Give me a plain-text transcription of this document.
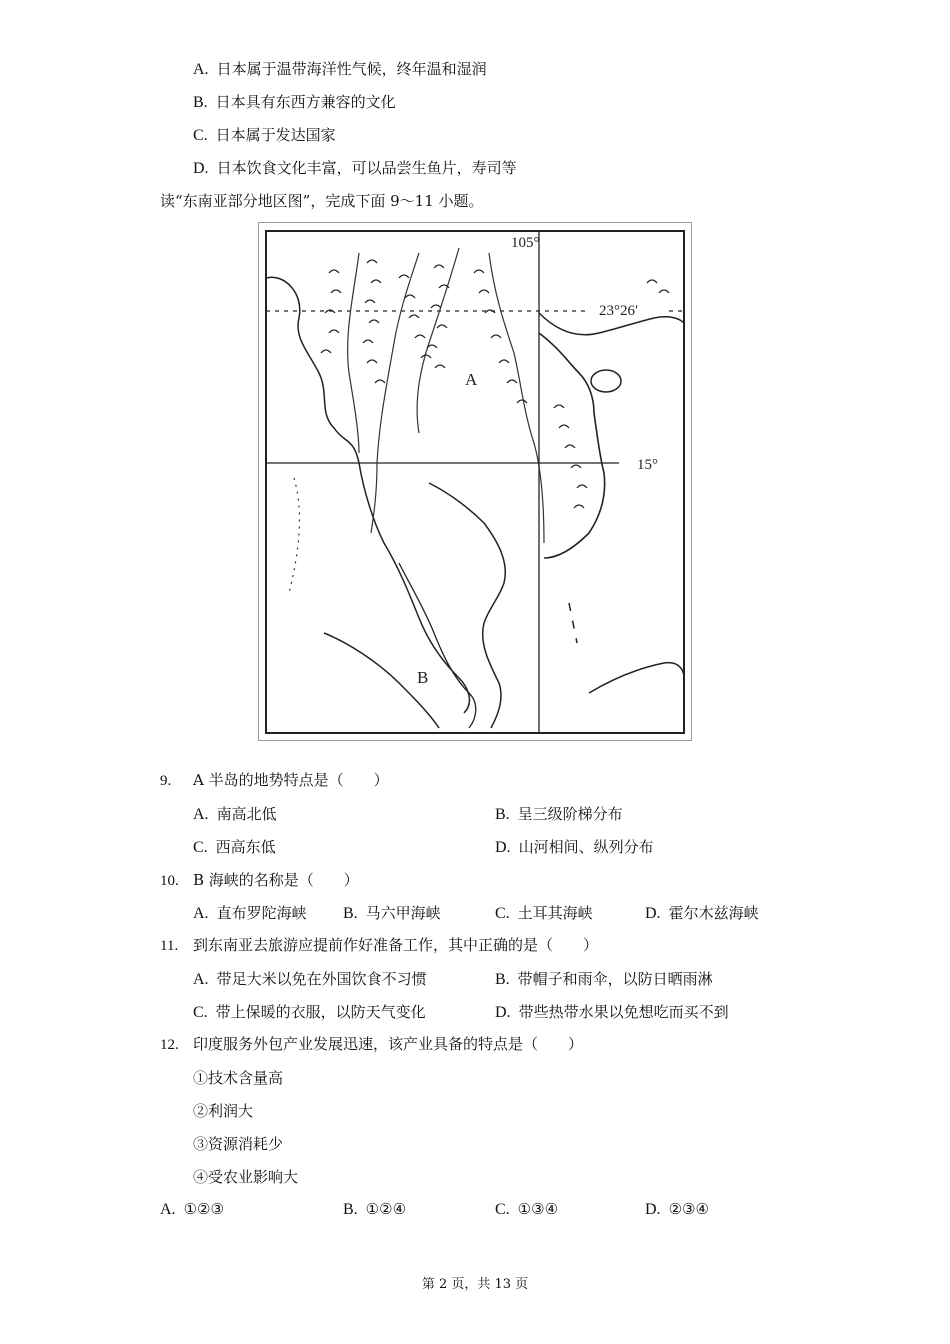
A. 日本属于温带海洋性气候，终年温和湿润
B. 日本具有东西方兼容的文化
C. 日本属于发达国家
D. 日本饮食文化丰富，可以品尝生鱼片，寿司等
读“东南亚部分地区图”，完成下面 9～11 小题。
105°
23°26′
15°
A
B
9. A 半岛的地势特点是（　　）
A. 南高北低	B. 呈三级阶梯分布
C. 西高东低	D. 山河相间、纵列分布
10. B 海峡的名称是（　　）
A. 直布罗陀海峡 B. 马六甲海峡	C. 土耳其海峡	D. 霍尔木兹海峡
11. 到东南亚去旅游应提前作好准备工作，其中正确的是（　　）
A. 带足大米以免在外国饮食不习惯	B. 带帽子和雨伞，以防日晒雨淋
C. 带上保暖的衣服，以防天气变化	D. 带些热带水果以免想吃而买不到
12. 印度服务外包产业发展迅速，该产业具备的特点是（　　）
①技术含量高
②利润大
③资源消耗少
④受农业影响大
A. ①②③	B. ①②④	C. ①③④	D. ②③④
第 2 页，共 13 页
